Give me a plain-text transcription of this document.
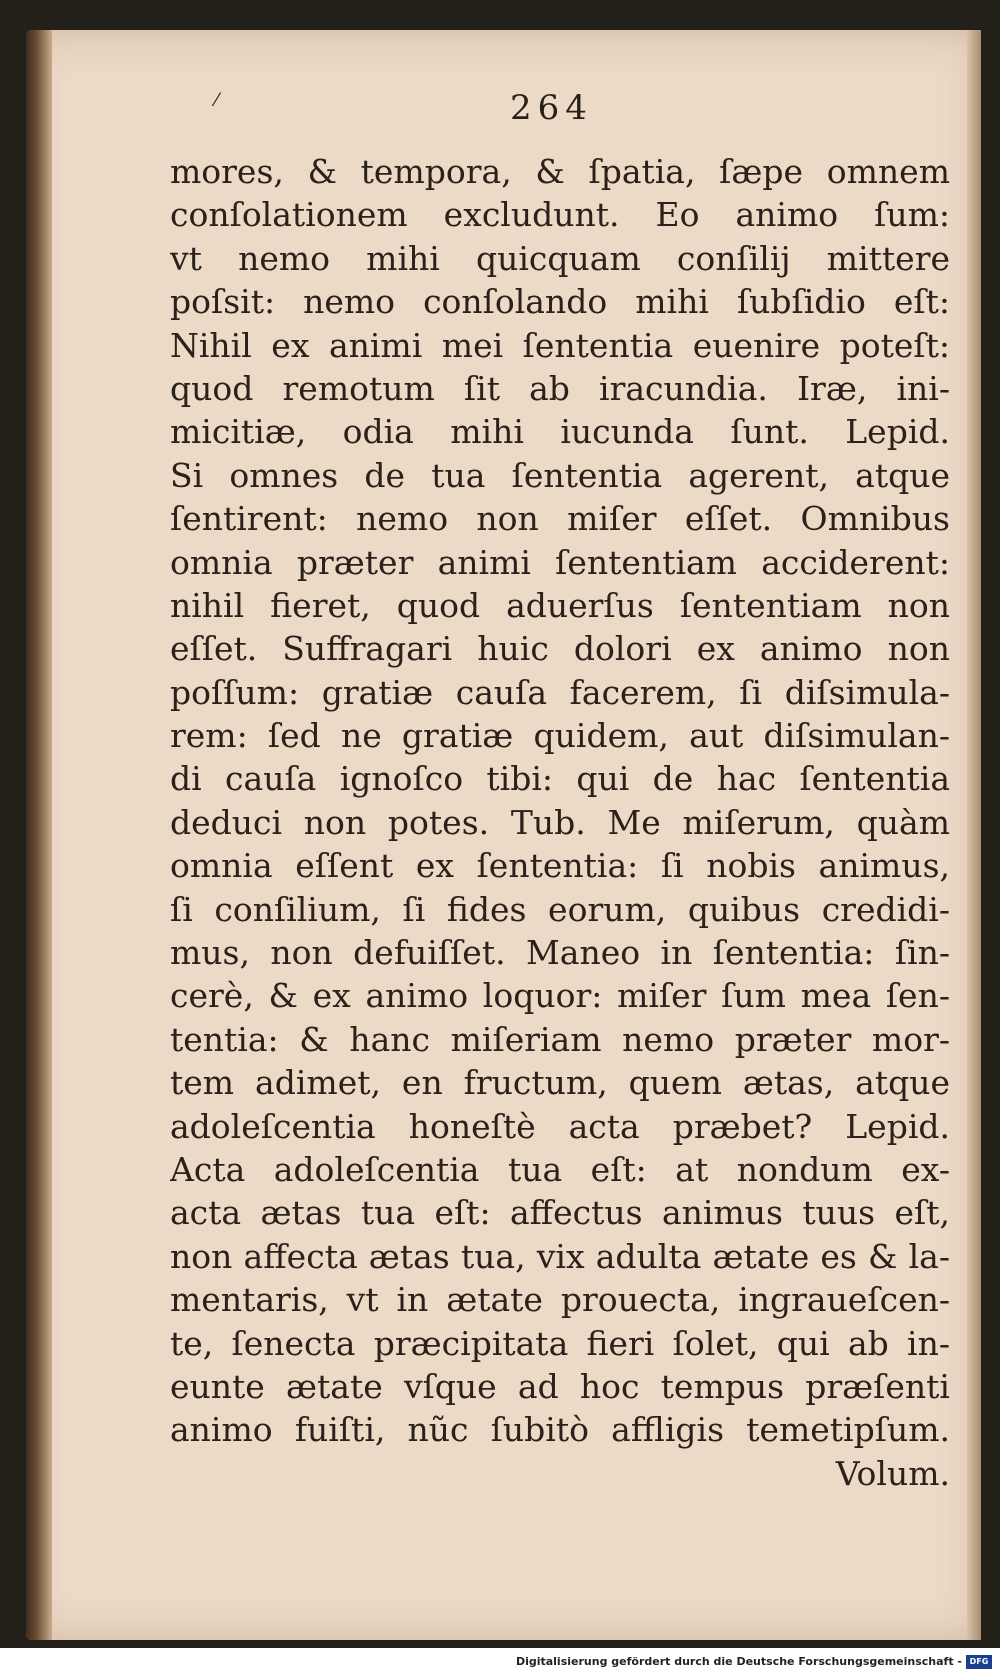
⁄	264
mores, & tempora, & ſpatia, ſæpe omnem
conſolationem excludunt. Eo animo ſum:
vt nemo mihi quicquam conſilij mittere
poſsit: nemo conſolando mihi ſubſidio eſt:
Nihil ex animi mei ſententia euenire poteſt:
quod remotum ſit ab iracundia. Iræ, ini-
micitiæ, odia mihi iucunda ſunt. Lepid.
Si omnes de tua ſententia agerent, atque
ſentirent: nemo non miſer eſſet. Omnibus
omnia præter animi ſententiam acciderent:
nihil fieret, quod aduerſus ſententiam non
eſſet. Suffragari huic dolori ex animo non
poſſum: gratiæ cauſa facerem, ſi diſsimula-
rem: ſed ne gratiæ quidem, aut diſsimulan-
di cauſa ignoſco tibi: qui de hac ſententia
deduci non potes. Tub. Me miſerum, quàm
omnia eſſent ex ſententia: ſi nobis animus,
ſi conſilium, ſi fides eorum, quibus credidi-
mus, non defuiſſet. Maneo in ſententia: ſin-
cerè, & ex animo loquor: miſer ſum mea ſen-
tentia: & hanc miſeriam nemo præter mor-
tem adimet, en fructum, quem ætas, atque
adoleſcentia honeſtè acta præbet? Lepid.
Acta adoleſcentia tua eſt: at nondum ex-
acta ætas tua eſt: affectus animus tuus eſt,
non affecta ætas tua, vix adulta ætate es & la-
mentaris, vt in ætate prouecta, ingraueſcen-
te, ſenecta præcipitata fieri ſolet, qui ab in-
eunte ætate vſque ad hoc tempus præſenti
animo fuiſti, nũc ſubitò affligis temetipſum.
Volum.
Digitalisierung gefördert durch die Deutsche Forschungsgemeinschaft - DFG
